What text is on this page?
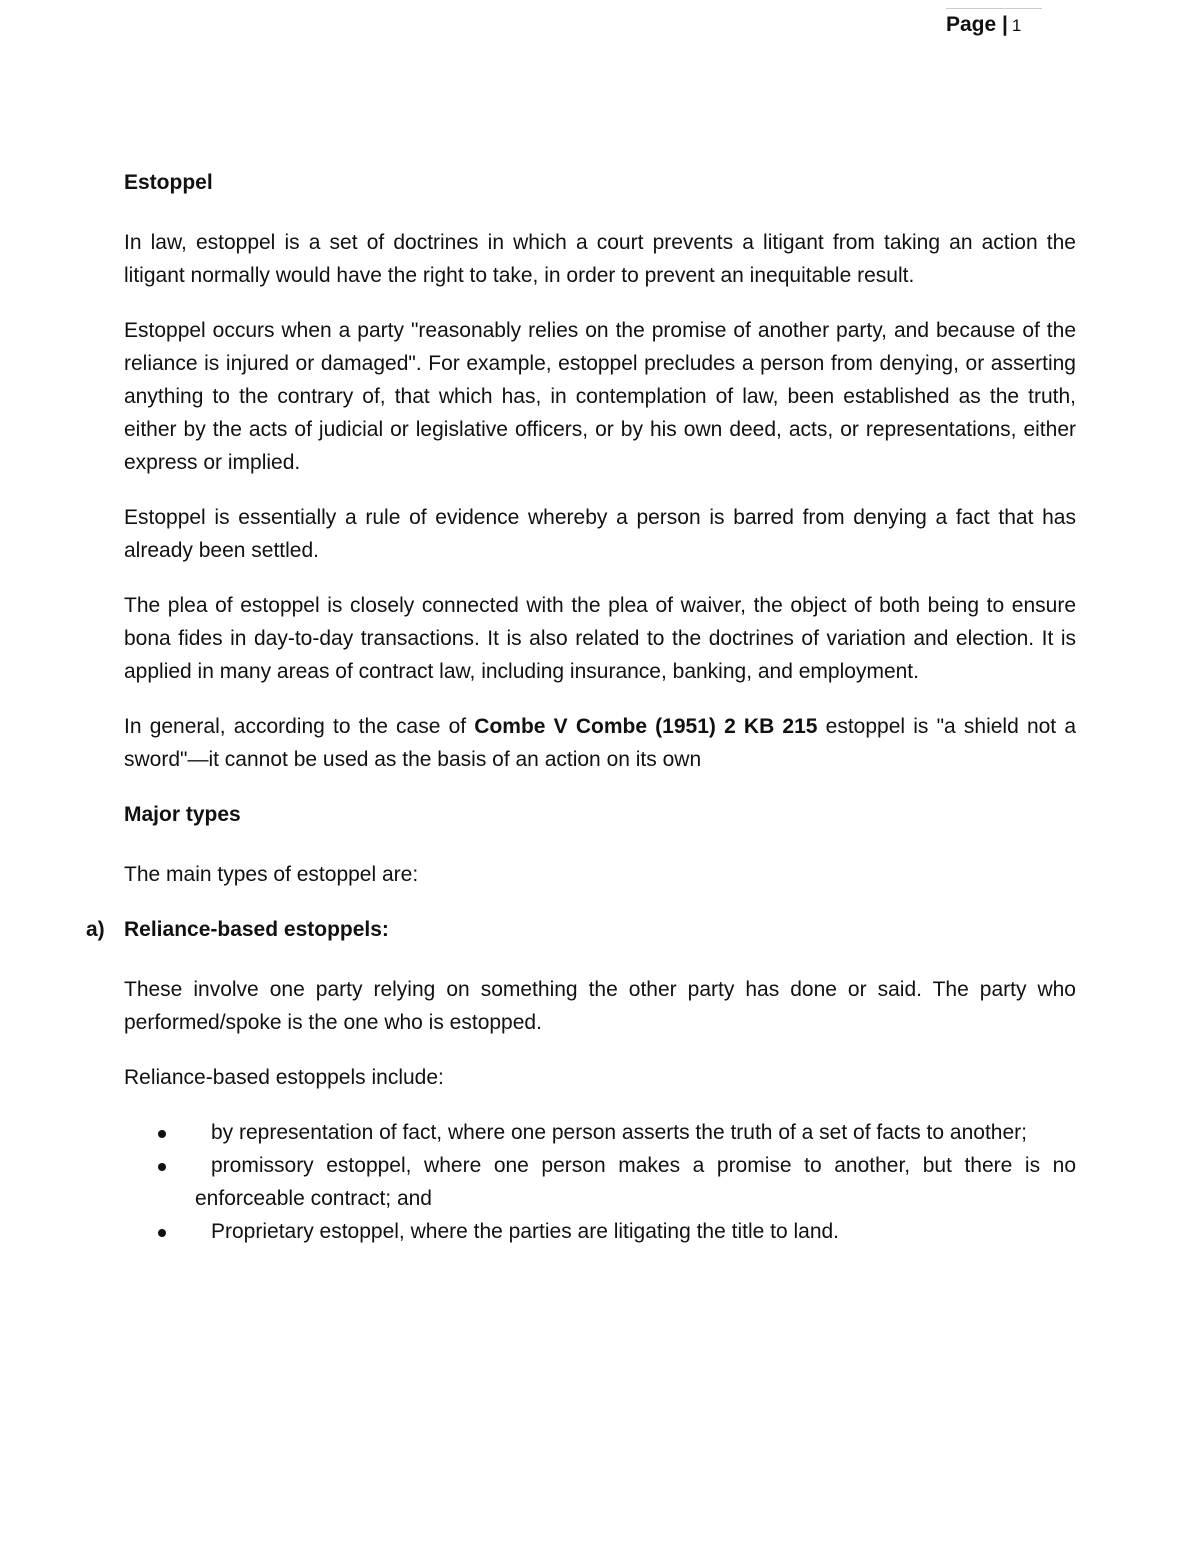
Page | 1

Estoppel

In law, estoppel is a set of doctrines in which a court prevents a litigant from taking an action the litigant normally would have the right to take, in order to prevent an inequitable result.

Estoppel occurs when a party "reasonably relies on the promise of another party, and because of the reliance is injured or damaged". For example, estoppel precludes a person from denying, or asserting anything to the contrary of, that which has, in contemplation of law, been established as the truth, either by the acts of judicial or legislative officers, or by his own deed, acts, or representations, either express or implied.

Estoppel is essentially a rule of evidence whereby a person is barred from denying a fact that has already been settled.

The plea of estoppel is closely connected with the plea of waiver, the object of both being to ensure bona fides in day-to-day transactions. It is also related to the doctrines of variation and election. It is applied in many areas of contract law, including insurance, banking, and employment.

In general, according to the case of Combe V Combe (1951) 2 KB 215 estoppel is "a shield not a sword"—it cannot be used as the basis of an action on its own

Major types

The main types of estoppel are:

a) Reliance-based estoppels:

These involve one party relying on something the other party has done or said. The party who performed/spoke is the one who is estopped.

Reliance-based estoppels include:

by representation of fact, where one person asserts the truth of a set of facts to another;
promissory estoppel, where one person makes a promise to another, but there is no enforceable contract; and
Proprietary estoppel, where the parties are litigating the title to land.
